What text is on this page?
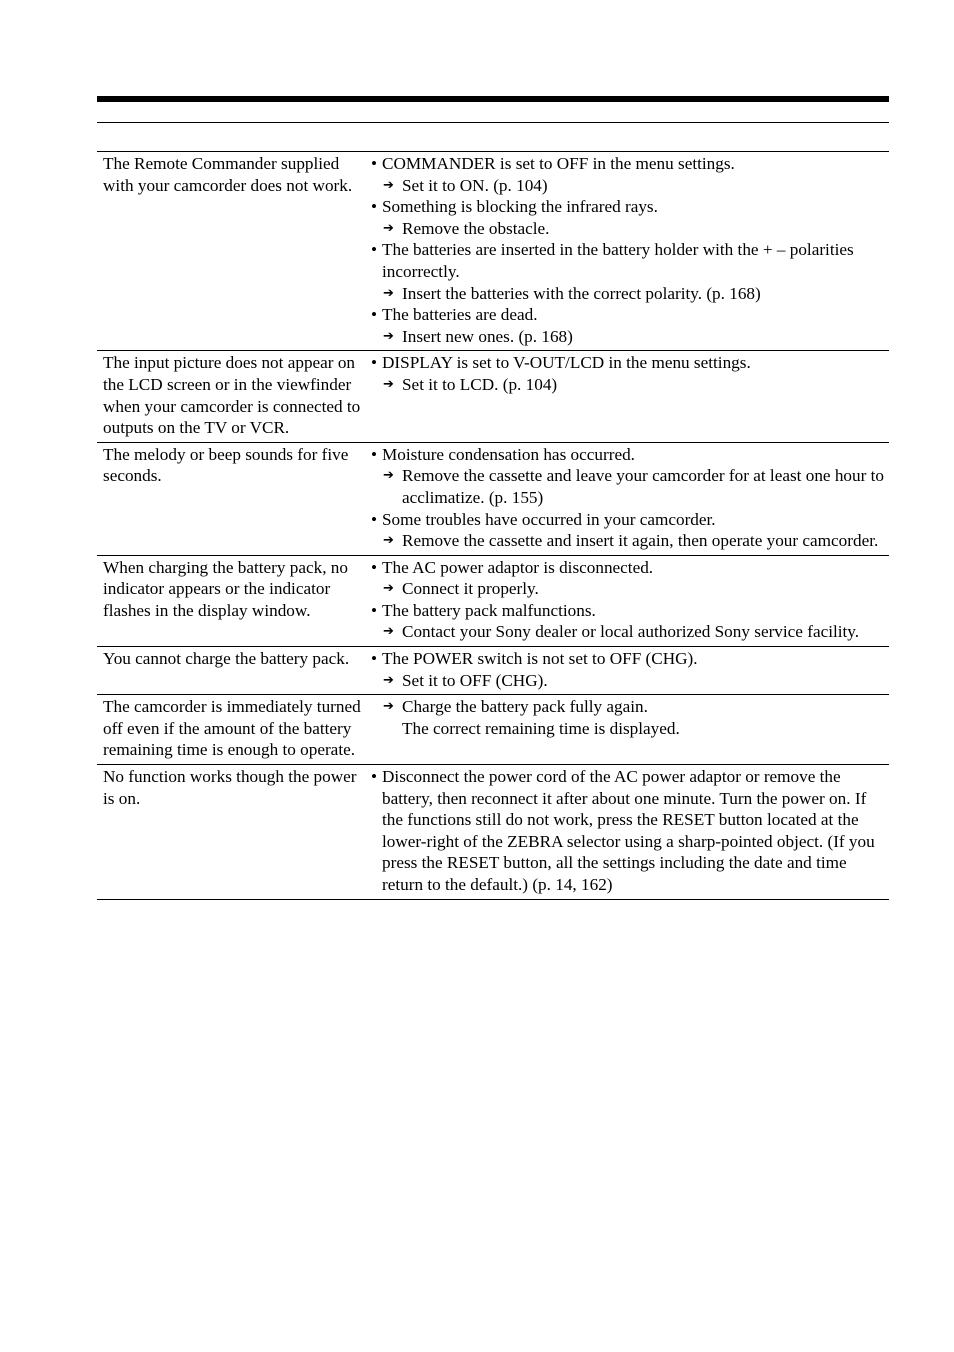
The Remote Commander supplied with your camcorder does not work.
• COMMANDER is set to OFF in the menu settings.
➔ Set it to ON. (p. 104)
• Something is blocking the infrared rays.
➔ Remove the obstacle.
• The batteries are inserted in the battery holder with the + – polarities incorrectly.
➔ Insert the batteries with the correct polarity. (p. 168)
• The batteries are dead.
➔ Insert new ones. (p. 168)
The input picture does not appear on the LCD screen or in the viewfinder when your camcorder is connected to outputs on the TV or VCR.
• DISPLAY is set to V-OUT/LCD in the menu settings.
➔ Set it to LCD. (p. 104)
The melody or beep sounds for five seconds.
• Moisture condensation has occurred.
➔ Remove the cassette and leave your camcorder for at least one hour to acclimatize. (p. 155)
• Some troubles have occurred in your camcorder.
➔ Remove the cassette and insert it again, then operate your camcorder.
When charging the battery pack, no indicator appears or the indicator flashes in the display window.
• The AC power adaptor is disconnected.
➔ Connect it properly.
• The battery pack malfunctions.
➔ Contact your Sony dealer or local authorized Sony service facility.
You cannot charge the battery pack.	• The POWER switch is not set to OFF (CHG).
➔ Set it to OFF (CHG).
The camcorder is immediately turned off even if the amount of the battery remaining time is enough to operate.
➔ Charge the battery pack fully again.
The correct remaining time is displayed.
No function works though the power is on.
• Disconnect the power cord of the AC power adaptor or remove the battery, then reconnect it after about one minute. Turn the power on. If the functions still do not work, press the RESET button located at the lower-right of the ZEBRA selector using a sharp-pointed object. (If you press the RESET button, all the settings including the date and time return to the default.) (p. 14, 162)
